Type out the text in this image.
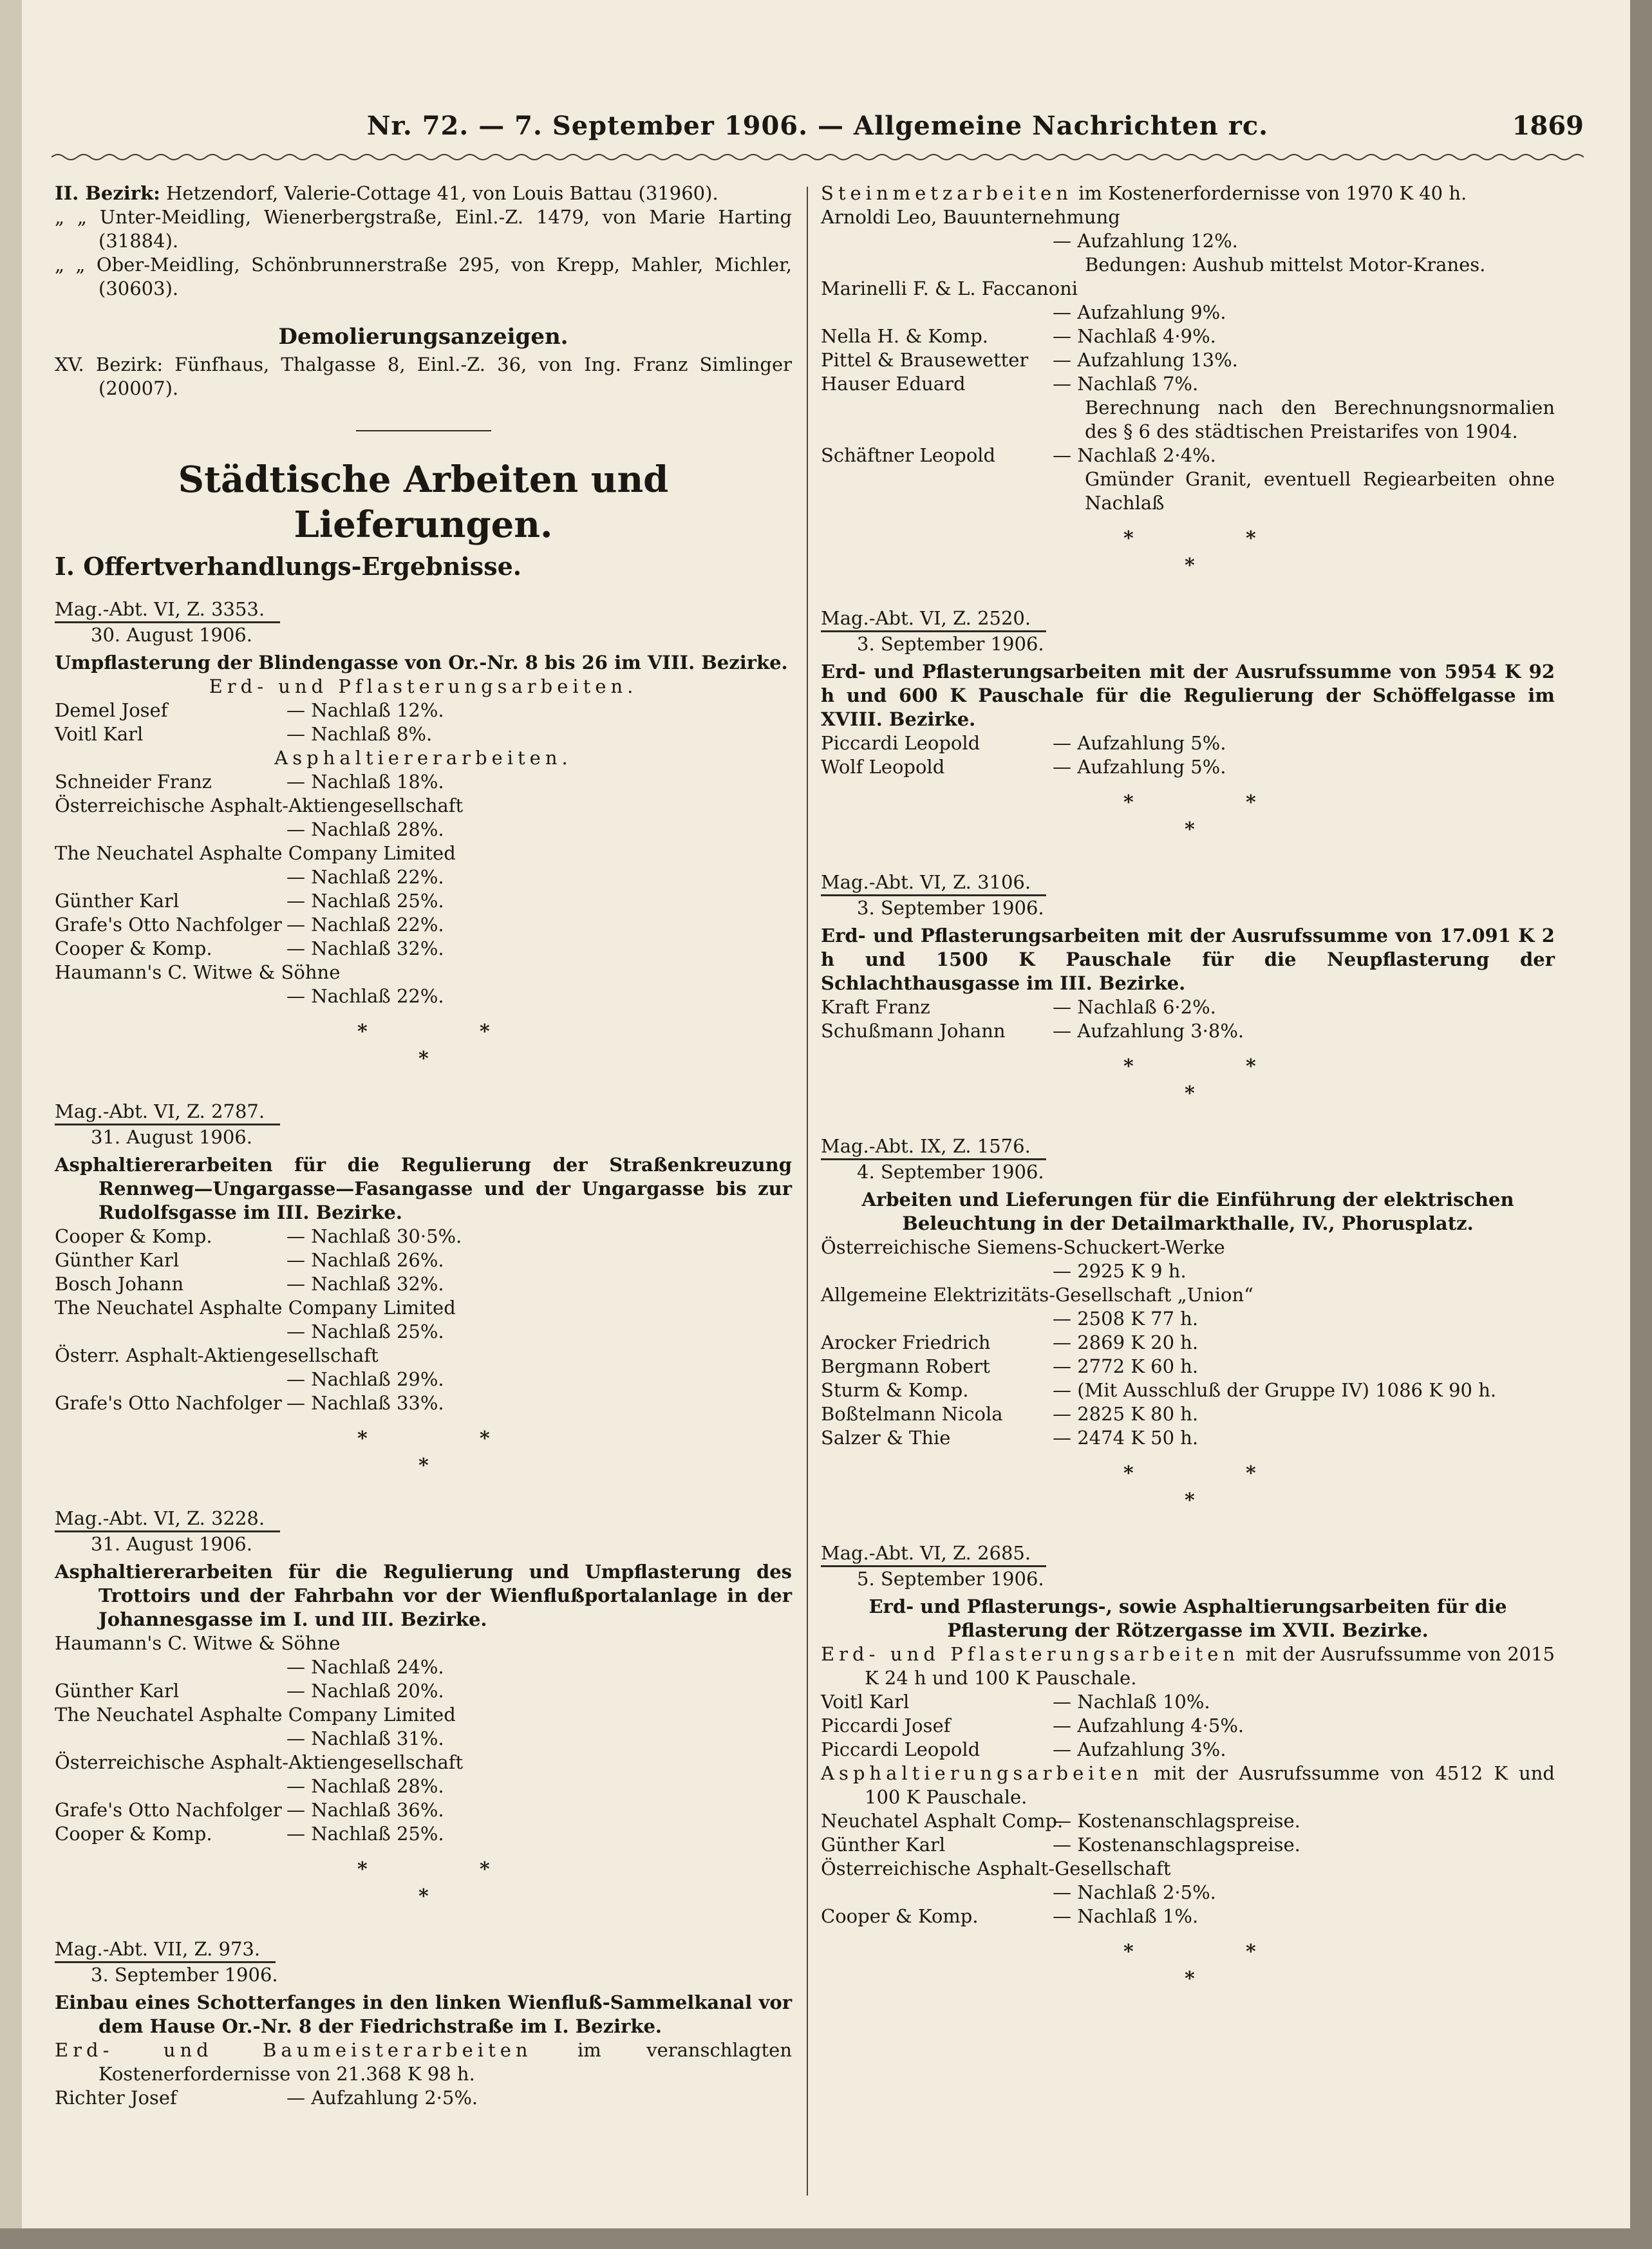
Nr. 72. — 7. September 1906. — Allgemeine Nachrichten rc.	1869

II. Bezirk: Hetzendorf, Valerie-Cottage 41, von Louis Battau (31960).

„ „ Unter-Meidling, Wienerbergstraße, Einl.-Z. 1479, von Marie Harting (31884).

„ „ Ober-Meidling, Schönbrunnerstraße 295, von Krepp, Mahler, Michler, (30603).

Demolierungsanzeigen.

XV. Bezirk: Fünfhaus, Thalgasse 8, Einl.-Z. 36, von Ing. Franz Simlinger (20007).

Städtische Arbeiten und Lieferungen.
I. Offertverhandlungs-Ergebnisse.
Mag.-Abt. VI, Z. 3353.
30. August 1906.

Umpflasterung der Blindengasse von Or.-Nr. 8 bis 26 im VIII. Bezirke.

Erd- und Pflasterungsarbeiten.

Demel Josef	— Nachlaß 12%.
Voitl Karl	— Nachlaß 8%.

Asphaltiererarbeiten.

Schneider Franz	— Nachlaß 18%.

Österreichische Asphalt-Aktiengesellschaft

— Nachlaß 28%.

The Neuchatel Asphalte Company Limited

— Nachlaß 22%.

Günther Karl	— Nachlaß 25%.
Grafe's Otto Nachfolger — Nachlaß 22%.
Cooper & Komp.	— Nachlaß 32%.

Haumann's C. Witwe & Söhne

— Nachlaß 22%.

*	*
*
Mag.-Abt. VI, Z. 2787.
31. August 1906.

Asphaltiererarbeiten für die Regulierung der Straßenkreuzung Rennweg—Ungargasse—Fasangasse und der Ungargasse bis zur Rudolfsgasse im III. Bezirke.

Cooper & Komp.	— Nachlaß 30·5%.
Günther Karl	— Nachlaß 26%.
Bosch Johann	— Nachlaß 32%.

The Neuchatel Asphalte Company Limited

— Nachlaß 25%.

Österr. Asphalt-Aktiengesellschaft

— Nachlaß 29%.

Grafe's Otto Nachfolger — Nachlaß 33%.
*	*
*
Mag.-Abt. VI, Z. 3228.
31. August 1906.

Asphaltiererarbeiten für die Regulierung und Umpflasterung des Trottoirs und der Fahrbahn vor der Wienflußportalanlage in der Johannesgasse im I. und III. Bezirke.

Haumann's C. Witwe & Söhne

— Nachlaß 24%.

Günther Karl	— Nachlaß 20%.

The Neuchatel Asphalte Company Limited

— Nachlaß 31%.

Österreichische Asphalt-Aktiengesellschaft

— Nachlaß 28%.

Grafe's Otto Nachfolger — Nachlaß 36%.
Cooper & Komp.	— Nachlaß 25%.
*	*
*
Mag.-Abt. VII, Z. 973.
3. September 1906.

Einbau eines Schotterfanges in den linken Wienfluß-Sammelkanal vor dem Hause Or.-Nr. 8 der Fiedrichstraße im I. Bezirke.

Erd- und Baumeisterarbeiten im veranschlagten Kostenerfordernisse von 21.368 K 98 h.

Richter Josef	— Aufzahlung 2·5%.

Steinmetzarbeiten im Kostenerfordernisse von 1970 K 40 h.

Arnoldi Leo, Bauunternehmung

— Aufzahlung 12%.

Bedungen: Aushub mittelst Motor-Kranes.

Marinelli F. & L. Faccanoni

— Aufzahlung 9%.

Nella H. & Komp.	— Nachlaß 4·9%.
Pittel & Brausewetter	— Aufzahlung 13%.
Hauser Eduard	— Nachlaß 7%.

Berechnung nach den Berechnungsnormalien des § 6 des städtischen Preistarifes von 1904.

Schäftner Leopold	— Nachlaß 2·4%.

Gmünder Granit, eventuell Regiearbeiten ohne Nachlaß

*	*
*
Mag.-Abt. VI, Z. 2520.
3. September 1906.

Erd- und Pflasterungsarbeiten mit der Ausrufssumme von 5954 K 92 h und 600 K Pauschale für die Regulierung der Schöffelgasse im XVIII. Bezirke.

Piccardi Leopold	— Aufzahlung 5%.
Wolf Leopold	— Aufzahlung 5%.
*	*
*
Mag.-Abt. VI, Z. 3106.
3. September 1906.

Erd- und Pflasterungsarbeiten mit der Ausrufssumme von 17.091 K 2 h und 1500 K Pauschale für die Neupflasterung der Schlachthausgasse im III. Bezirke.

Kraft Franz	— Nachlaß 6·2%.
Schußmann Johann	— Aufzahlung 3·8%.
*	*
*
Mag.-Abt. IX, Z. 1576.
4. September 1906.

Arbeiten und Lieferungen für die Einführung der elektrischen Beleuchtung in der Detailmarkthalle, IV., Phorusplatz.

Österreichische Siemens-Schuckert-Werke

— 2925 K 9 h.

Allgemeine Elektrizitäts-Gesellschaft „Union“

— 2508 K 77 h.

Arocker Friedrich	— 2869 K 20 h.
Bergmann Robert	— 2772 K 60 h.
Sturm & Komp.	— (Mit Ausschluß der Gruppe IV) 1086 K 90 h.
Boßtelmann Nicola	— 2825 K 80 h.
Salzer & Thie	— 2474 K 50 h.
*	*
*
Mag.-Abt. VI, Z. 2685.
5. September 1906.

Erd- und Pflasterungs-, sowie Asphaltierungsarbeiten für die Pflasterung der Rötzergasse im XVII. Bezirke.

Erd- und Pflasterungsarbeiten mit der Ausrufssumme von 2015 K 24 h und 100 K Pauschale.

Voitl Karl	— Nachlaß 10%.
Piccardi Josef	— Aufzahlung 4·5%.
Piccardi Leopold	— Aufzahlung 3%.

Asphaltierungsarbeiten mit der Ausrufssumme von 4512 K und 100 K Pauschale.

Neuchatel Asphalt Comp.
— Kostenanschlagspreise.
Günther Karl	— Kostenanschlagspreise.

Österreichische Asphalt-Gesellschaft

— Nachlaß 2·5%.

Cooper & Komp.	— Nachlaß 1%.
*	*
*
